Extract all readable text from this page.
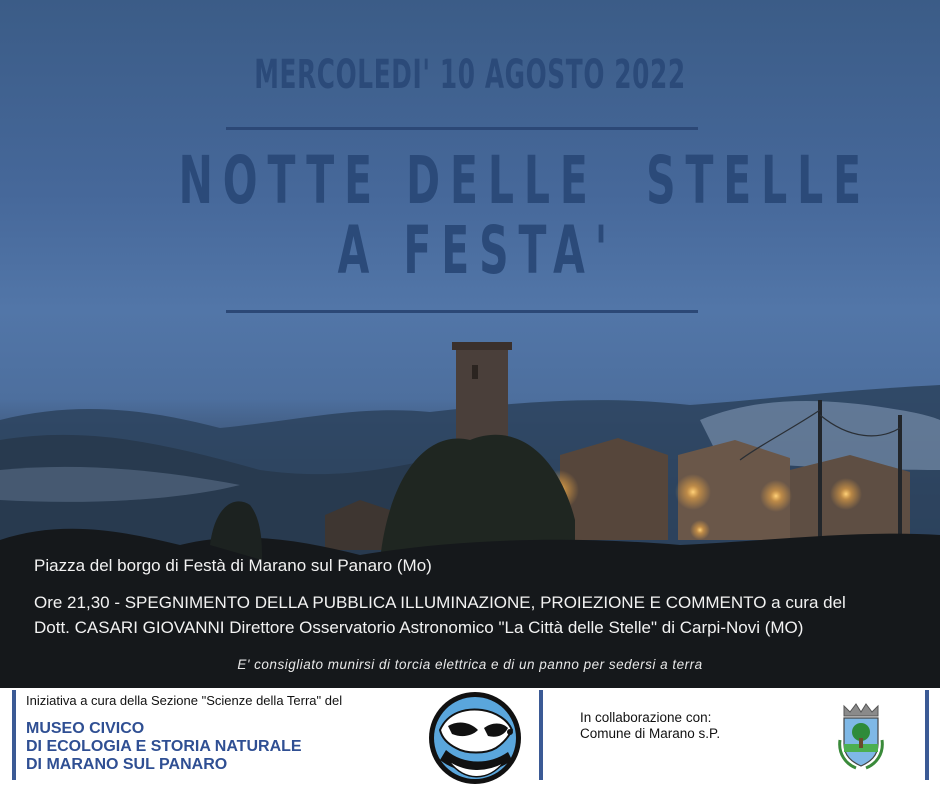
MERCOLEDI' 10 AGOSTO 2022
NOTTE DELLE  STELLE
A FESTA'
Piazza del borgo di Festà di Marano sul Panaro (Mo)
Ore 21,30 - SPEGNIMENTO DELLA PUBBLICA ILLUMINAZIONE, PROIEZIONE E COMMENTO a cura del
Dott. CASARI GIOVANNI Direttore Osservatorio Astronomico "La Città delle Stelle" di Carpi-Novi (MO)
E' consigliato munirsi di torcia elettrica e di un panno per sedersi a terra
Iniziativa a cura della Sezione "Scienze della Terra" del
MUSEO CIVICO
DI ECOLOGIA E STORIA NATURALE
DI MARANO SUL PANARO
In collaborazione con:
Comune di Marano s.P.
